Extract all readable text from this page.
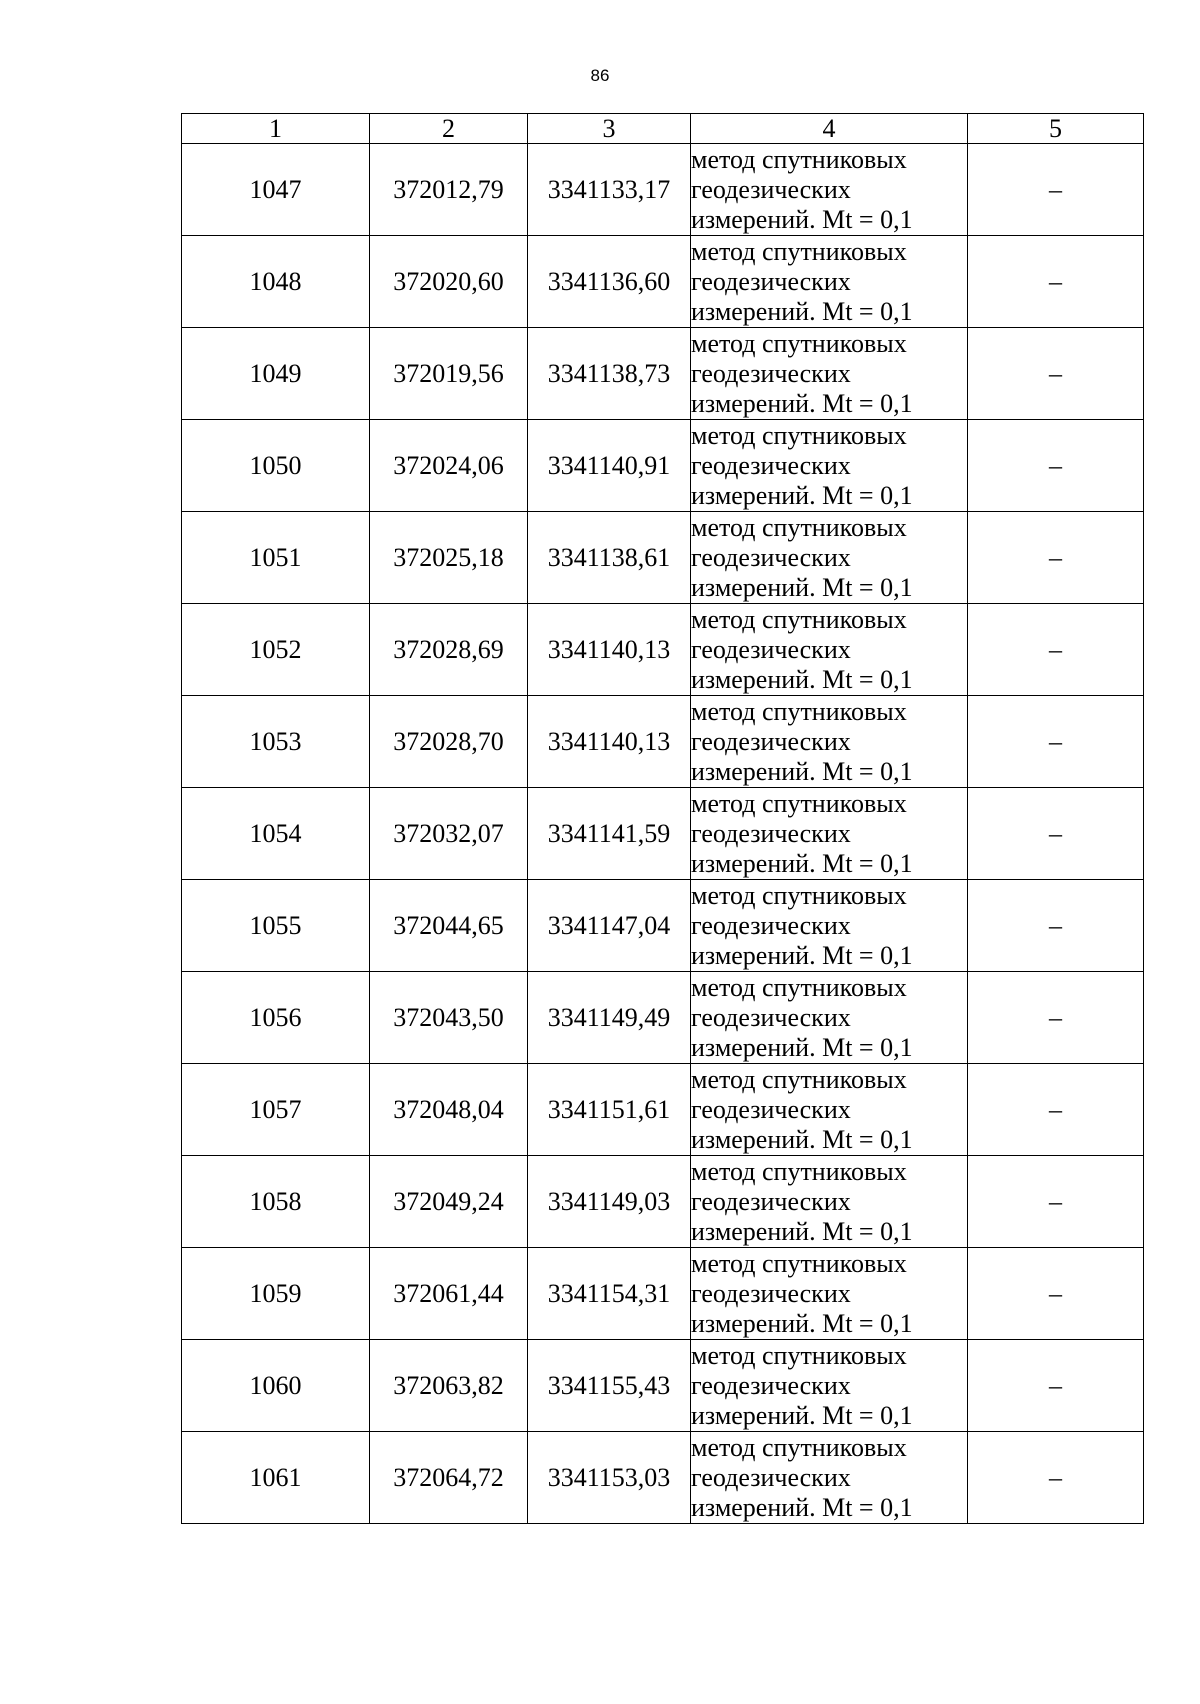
86
1	2	3	4	5
1047	372012,79	3341133,17	метод спутниковых
геодезических
измерений. Mt = 0,1	–
1048	372020,60	3341136,60	метод спутниковых
геодезических
измерений. Mt = 0,1	–
1049	372019,56	3341138,73	метод спутниковых
геодезических
измерений. Mt = 0,1	–
1050	372024,06	3341140,91	метод спутниковых
геодезических
измерений. Mt = 0,1	–
1051	372025,18	3341138,61	метод спутниковых
геодезических
измерений. Mt = 0,1	–
1052	372028,69	3341140,13	метод спутниковых
геодезических
измерений. Mt = 0,1	–
1053	372028,70	3341140,13	метод спутниковых
геодезических
измерений. Mt = 0,1	–
1054	372032,07	3341141,59	метод спутниковых
геодезических
измерений. Mt = 0,1	–
1055	372044,65	3341147,04	метод спутниковых
геодезических
измерений. Mt = 0,1	–
1056	372043,50	3341149,49	метод спутниковых
геодезических
измерений. Mt = 0,1	–
1057	372048,04	3341151,61	метод спутниковых
геодезических
измерений. Mt = 0,1	–
1058	372049,24	3341149,03	метод спутниковых
геодезических
измерений. Mt = 0,1	–
1059	372061,44	3341154,31	метод спутниковых
геодезических
измерений. Mt = 0,1	–
1060	372063,82	3341155,43	метод спутниковых
геодезических
измерений. Mt = 0,1	–
1061	372064,72	3341153,03	метод спутниковых
геодезических
измерений. Mt = 0,1	–
